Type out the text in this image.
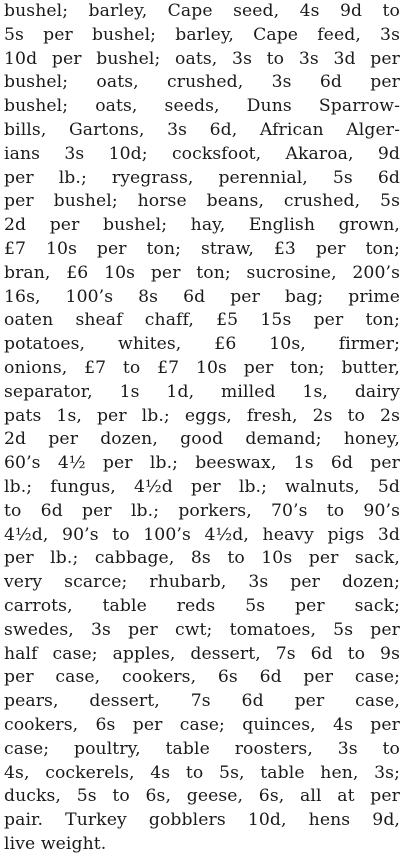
bushel; barley, Cape seed, 4s 9d to
5s per bushel; barley, Cape feed, 3s
10d per bushel; oats, 3s to 3s 3d per
bushel; oats, crushed, 3s 6d per
bushel; oats, seeds, Duns Sparrow-
bills, Gartons, 3s 6d, African Alger-
ians 3s 10d; cocksfoot, Akaroa, 9d
per lb.; ryegrass, perennial, 5s 6d
per bushel; horse beans, crushed, 5s
2d per bushel; hay, English grown,
£7 10s per ton; straw, £3 per ton;
bran, £6 10s per ton; sucrosine, 200’s
16s, 100’s 8s 6d per bag; prime
oaten sheaf chaff, £5 15s per ton;
potatoes, whites, £6 10s, firmer;
onions, £7 to £7 10s per ton; butter,
separator, 1s 1d, milled 1s, dairy
pats 1s, per lb.; eggs, fresh, 2s to 2s
2d per dozen, good demand; honey,
60’s 4½ per lb.; beeswax, 1s 6d per
lb.; fungus, 4½d per lb.; walnuts, 5d
to 6d per lb.; porkers, 70’s to 90’s
4½d, 90’s to 100’s 4½d, heavy pigs 3d
per lb.; cabbage, 8s to 10s per sack,
very scarce; rhubarb, 3s per dozen;
carrots, table reds 5s per sack;
swedes, 3s per cwt; tomatoes, 5s per
half case; apples, dessert, 7s 6d to 9s
per case, cookers, 6s 6d per case;
pears, dessert, 7s 6d per case,
cookers, 6s per case; quinces, 4s per
case; poultry, table roosters, 3s to
4s, cockerels, 4s to 5s, table hen, 3s;
ducks, 5s to 6s, geese, 6s, all at per
pair. Turkey gobblers 10d, hens 9d,
live weight.
